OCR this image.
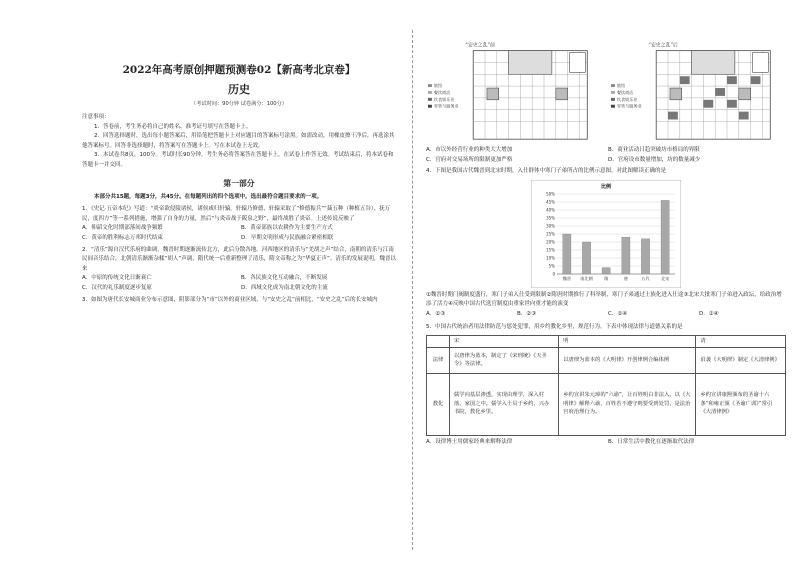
2022年高考原创押题预测卷02【新高考北京卷】
历史
（考试时间：90分钟 试卷满分：100分）

注意事项：

1．答卷前，考生务必将自己的姓名、准考证号填写在答题卡上。

2．回答选择题时，选出每小题答案后，用铅笔把答题卡上对应题目的答案标号涂黑。如需改动，用橡皮擦干净后，再选涂其他答案标号。回答非选择题时，将答案写在答题卡上。写在本试卷上无效。

3．本试卷共8页，100分。考试时长90分钟。考生务必将答案答在答题卡上，在试卷上作答无效。考试结束后，将本试卷和答题卡一并交回。

第一部分

本部分共15题，每题3分，共45分。在每题列出的四个选项中，选出最符合题目要求的一项。

1．《史记·五帝本纪》写道：“炎帝欲侵陵诸侯，诸侯咸归轩辕。轩辕乃修德，轩辕采取了“修德振兵”“蓺五种（种植五谷）、抚万民，度四方”等一系列措施，增强了自身的力量，然后“与炎帝战于阪泉之野”，最终战胜了炎帝。上述传说反映了

A．仰韶文化时期部落间战争频繁	B．黄帝部族以农耕作为主要生产方式
C．黄帝的胜利标志万邦时代结束	D．早期文明形成与民族融合紧密相联

2．“清乐”源自汉代乐府的曲调，魏晋时期逐渐流传北方，此后分散各地。河西地区的清乐与“羌胡之声”结合，南朝的清乐与江南民间音乐结合，北朝清乐渐渐杂糅“胡人”声调，隋代统一后重新整理了清乐，隋文帝称之为“华夏正声”。清乐的发展说明，魏晋以来

A．中原的传统文化日渐衰亡	B．各民族文化互动融合，不断发展
C．汉代的礼乐制度逐步复原	D．西域文化成为南北朝文化的主流

3．如图为唐代长安城商业分布示意图，阴影部分为“市”以外的商业区域，与“安史之乱”前相比，“安史之乱”后的长安城内

“安史之乱”前
旅馆
餐饮商店
饮食娱乐业
零售与服务业
“安史之乱”后
旅馆
餐饮商店
饮食娱乐业
零售与服务业
A．市以外经营行业的种类大大增加	B．商业活动日趋突破坊市格局的界限
C．官府对交易场所的限制更加严格	D．官府设市数量增加，坊的数量减少

4．下图是我国古代魏晋到北宋时期，入仕群体中寒门子弟所占的比例示意图，对此图解读正确的是

比例
0
5%
10%
15%
20%
25%
30%
35%
40%
45%
50%
魏晋 南北朝	隋	唐	五代	北宋

①魏晋时期门阀制度盛行，寒门子弟入仕受到限制②隋唐时期推行了科举制，寒门子弟通过士族化进入仕途③北宋大批寒门子弟进入政坛，给政治增添了活力④反映中国古代选官制度由重家世向重才能的演变

A．①③	B．②③	C．①④	D．②④

5．中国古代统治者用法律防范与惩处犯罪，用乡约教化乡里，规范行为。下表中体现法律与道德关系的是

	宋	明	清
法律	以唐律为蓝本，制定了《宋刑统》《天圣令》等法律。	以唐律为蓝本的《大明律》开创律例合编体例	沿袭《大明律》制定《大清律例》
教化	儒学向基层渗透，实现由理学，深入村落，家国之中。儒学入士员于乡约，兴办书院，教化乡里。	乡约宣讲朱元璋的“六谕”，让百姓明白非法入。以《大明律》解释六谕，百姓若不遵守则要受到处罚，是法治官府治理行为。	乡约宣讲康熙颁布的圣谕十六条“和雍正颁《圣谕广训》”常引《大清律例》
A．设律博士用儒家经典来解释法律	B．日常生活中教化在逐渐取代法律
